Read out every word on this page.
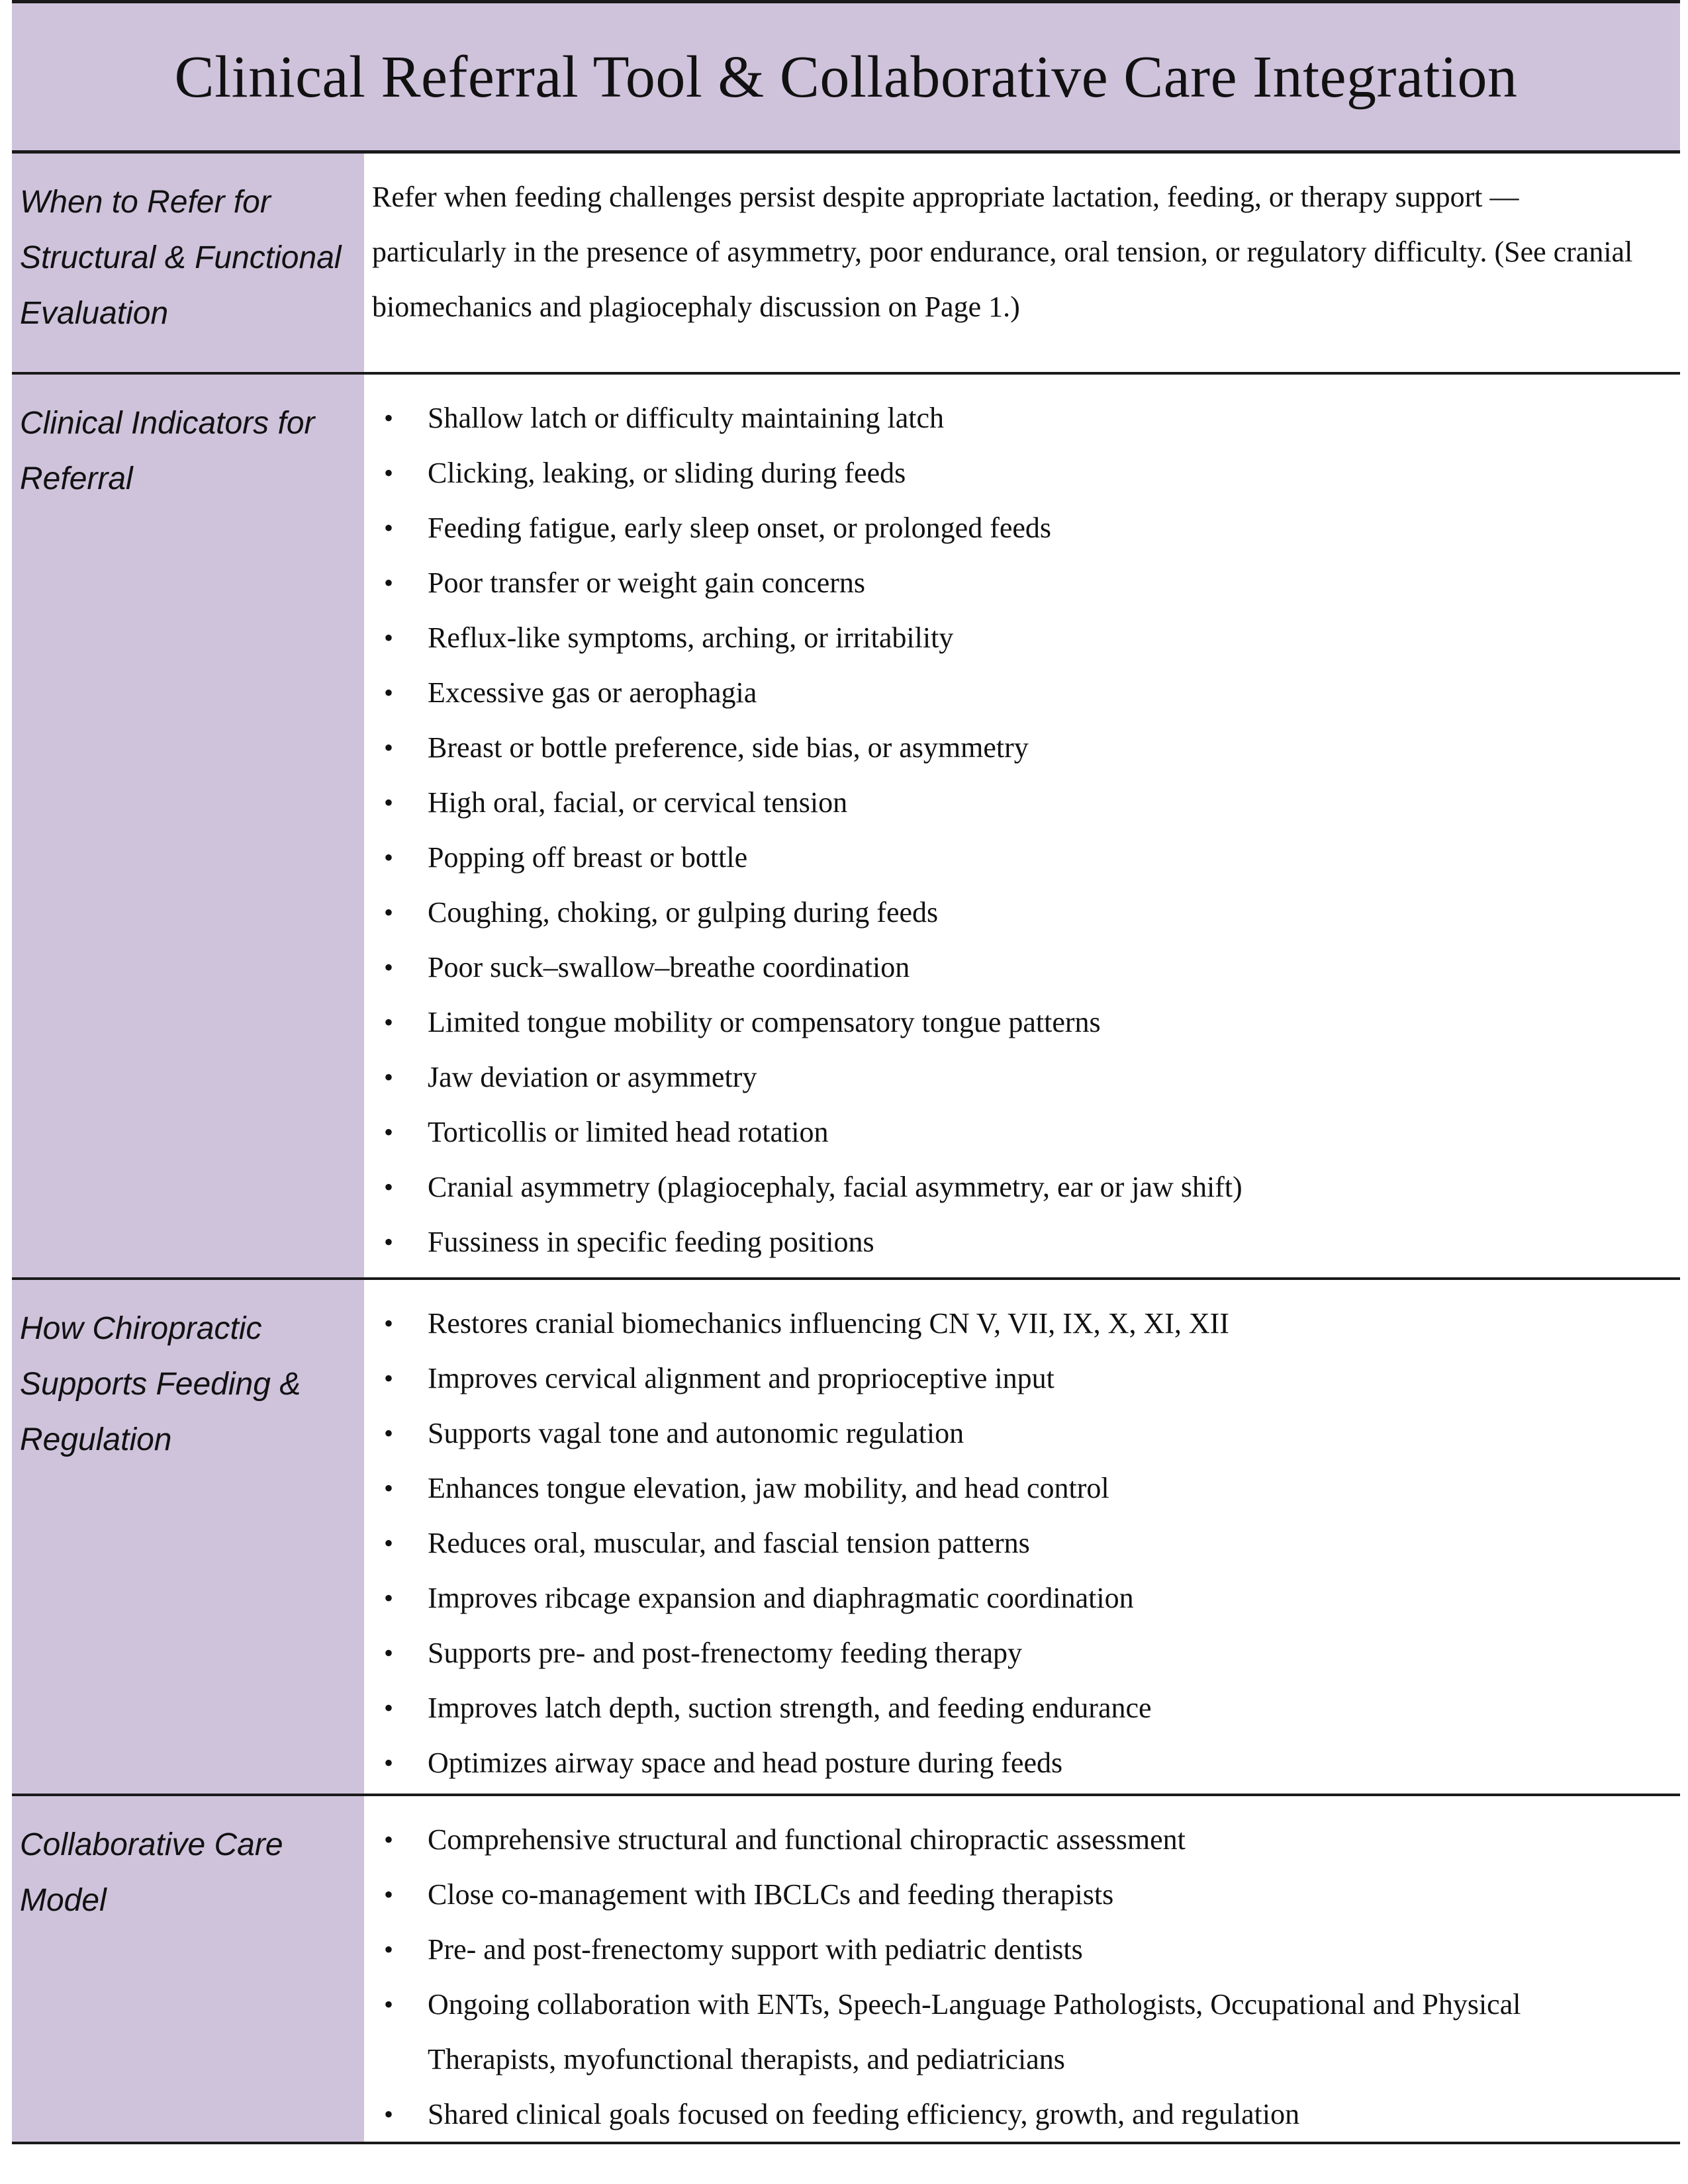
Clinical Referral Tool & Collaborative Care Integration
When to Refer for Structural & Functional Evaluation

Refer when feeding challenges persist despite appropriate lactation, feeding, or therapy support — particularly in the presence of asymmetry, poor endurance, oral tension, or regulatory difficulty. (See cranial biomechanics and plagiocephaly discussion on Page 1.)

Clinical Indicators for Referral
• Shallow latch or difficulty maintaining latch
• Clicking, leaking, or sliding during feeds
• Feeding fatigue, early sleep onset, or prolonged feeds
• Poor transfer or weight gain concerns
• Reflux-like symptoms, arching, or irritability
• Excessive gas or aerophagia
• Breast or bottle preference, side bias, or asymmetry
• High oral, facial, or cervical tension
• Popping off breast or bottle
• Coughing, choking, or gulping during feeds
• Poor suck–swallow–breathe coordination
• Limited tongue mobility or compensatory tongue patterns
• Jaw deviation or asymmetry
• Torticollis or limited head rotation
• Cranial asymmetry (plagiocephaly, facial asymmetry, ear or jaw shift)
• Fussiness in specific feeding positions
How Chiropractic Supports Feeding & Regulation
• Restores cranial biomechanics influencing CN V, VII, IX, X, XI, XII
• Improves cervical alignment and proprioceptive input
• Supports vagal tone and autonomic regulation
• Enhances tongue elevation, jaw mobility, and head control
• Reduces oral, muscular, and fascial tension patterns
• Improves ribcage expansion and diaphragmatic coordination
• Supports pre- and post-frenectomy feeding therapy
• Improves latch depth, suction strength, and feeding endurance
• Optimizes airway space and head posture during feeds
Collaborative Care Model
• Comprehensive structural and functional chiropractic assessment
• Close co-management with IBCLCs and feeding therapists
• Pre- and post-frenectomy support with pediatric dentists
• Ongoing collaboration with ENTs, Speech-Language Pathologists, Occupational and Physical Therapists, myofunctional therapists, and pediatricians
• Shared clinical goals focused on feeding efficiency, growth, and regulation
